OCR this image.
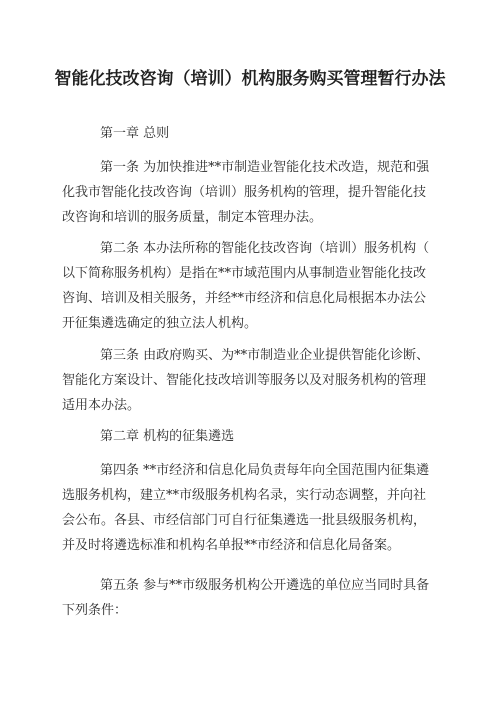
智能化技改咨询（培训）机构服务购买管理暂行办法
第一章 总则
第一条 为加快推进**市制造业智能化技术改造，规范和强
化我市智能化技改咨询（培训）服务机构的管理，提升智能化技
改咨询和培训的服务质量，制定本管理办法。
第二条 本办法所称的智能化技改咨询（培训）服务机构（
以下简称服务机构）是指在**市域范围内从事制造业智能化技改
咨询、培训及相关服务，并经**市经济和信息化局根据本办法公
开征集遴选确定的独立法人机构。
第三条 由政府购买、为**市制造业企业提供智能化诊断、
智能化方案设计、智能化技改培训等服务以及对服务机构的管理
适用本办法。
第二章 机构的征集遴选
第四条 **市经济和信息化局负责每年向全国范围内征集遴
选服务机构，建立**市级服务机构名录，实行动态调整，并向社
会公布。各县、市经信部门可自行征集遴选一批县级服务机构，
并及时将遴选标准和机构名单报**市经济和信息化局备案。
第五条 参与**市级服务机构公开遴选的单位应当同时具备
下列条件：
